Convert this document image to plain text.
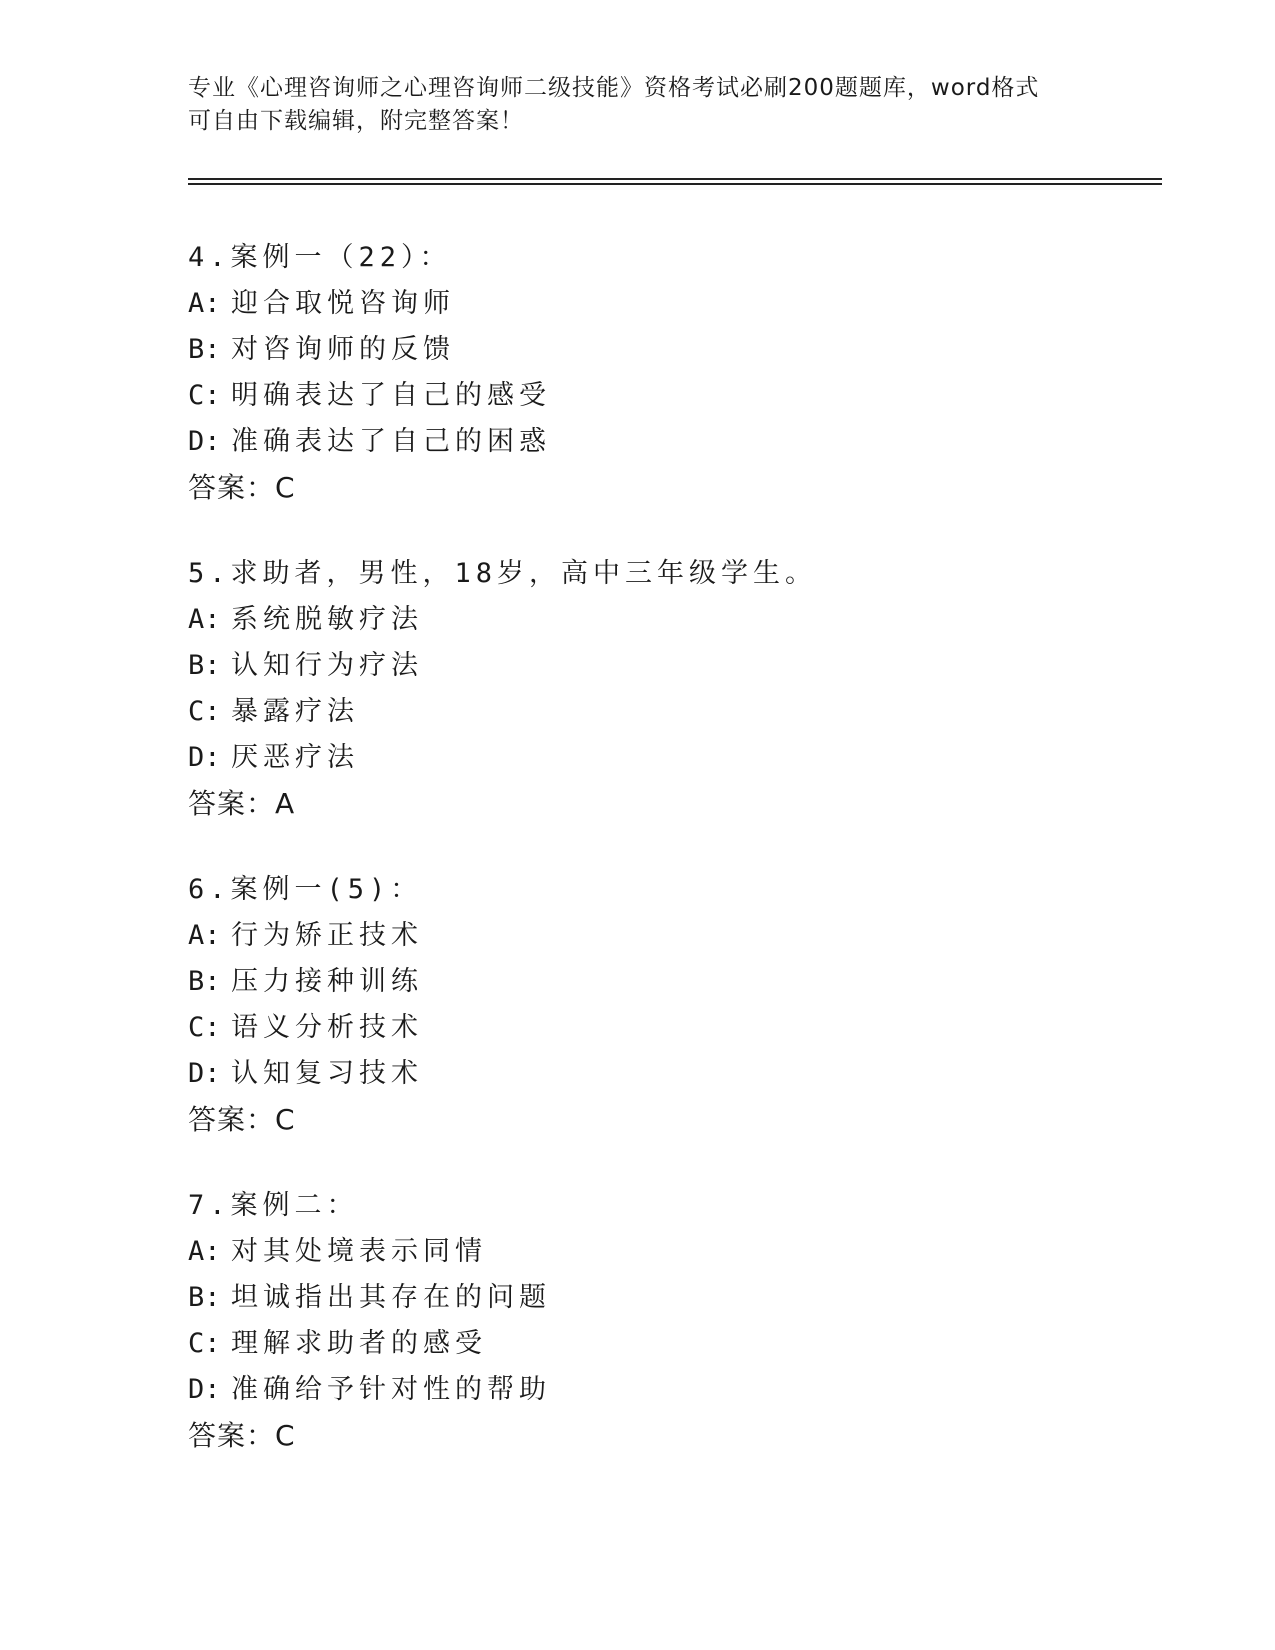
专业《心理咨询师之心理咨询师二级技能》资格考试必刷200题题库，word格式
可自由下载编辑，附完整答案！
4.案例一（22）：
A: 迎合取悦咨询师
B: 对咨询师的反馈
C: 明确表达了自己的感受
D: 准确表达了自己的困惑
答案：C
5.求助者，男性，18岁，高中三年级学生。
A: 系统脱敏疗法
B: 认知行为疗法
C: 暴露疗法
D: 厌恶疗法
答案：A
6.案例一(5)：
A: 行为矫正技术
B: 压力接种训练
C: 语义分析技术
D: 认知复习技术
答案：C
7.案例二：
A: 对其处境表示同情
B: 坦诚指出其存在的问题
C: 理解求助者的感受
D: 准确给予针对性的帮助
答案：C
